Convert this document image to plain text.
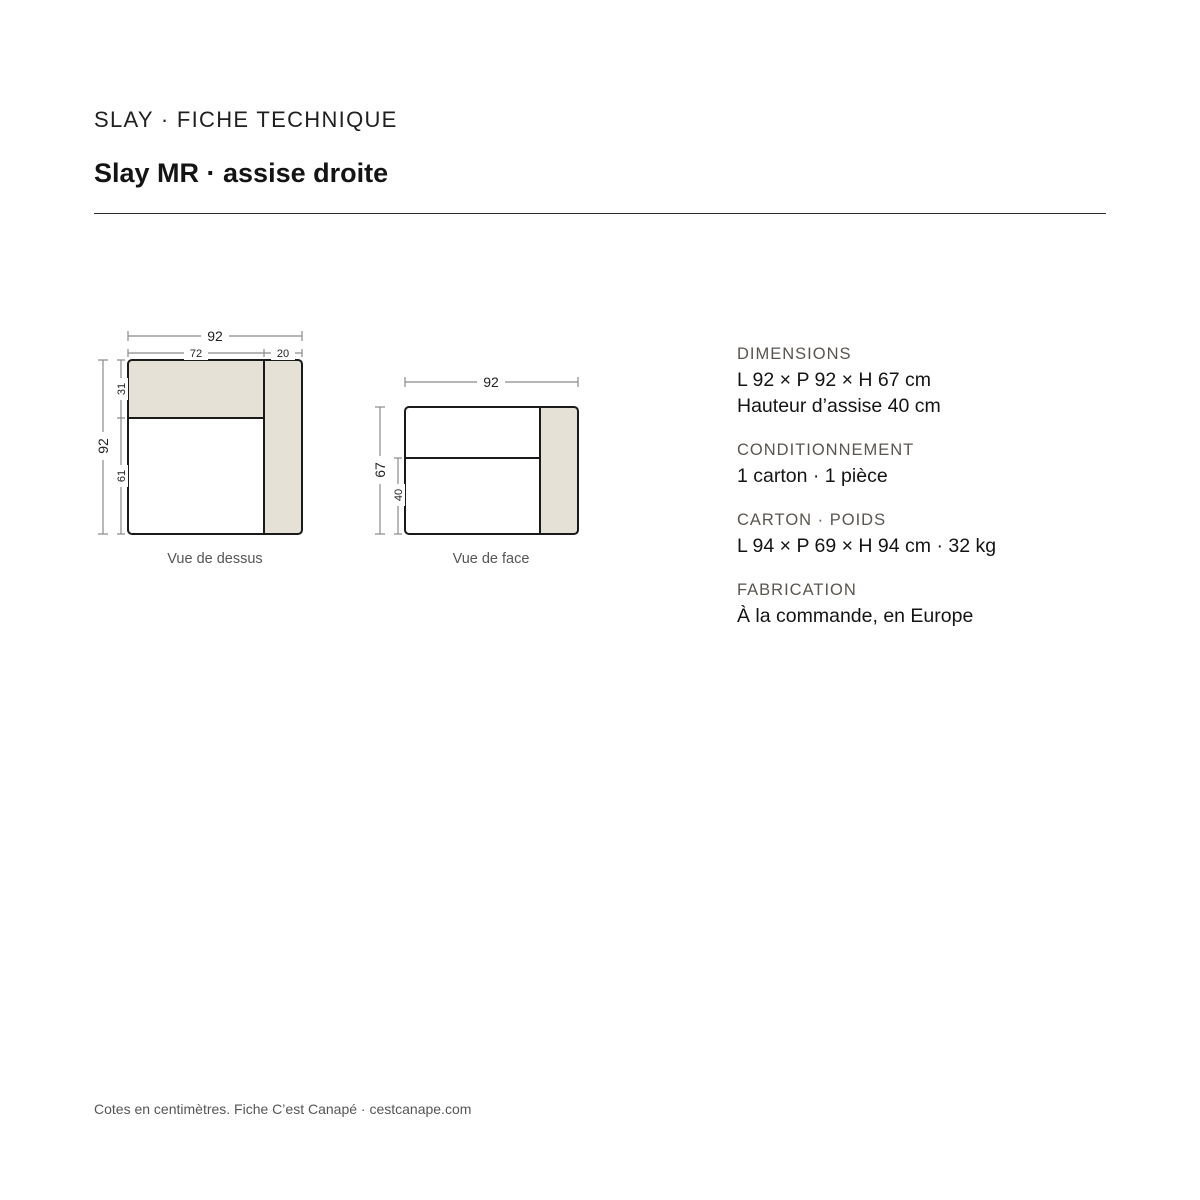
SLAY · FICHE TECHNIQUE
Slay MR · assise droite
92
72	20
92
31
61
Vue de dessus
92
67
40
Vue de face
DIMENSIONS
L 92 × P 92 × H 67 cm
Hauteur d’assise 40 cm
CONDITIONNEMENT
1 carton · 1 pièce
CARTON · POIDS
L 94 × P 69 × H 94 cm · 32 kg
FABRICATION
À la commande, en Europe
Cotes en centimètres. Fiche C’est Canapé · cestcanape.com
